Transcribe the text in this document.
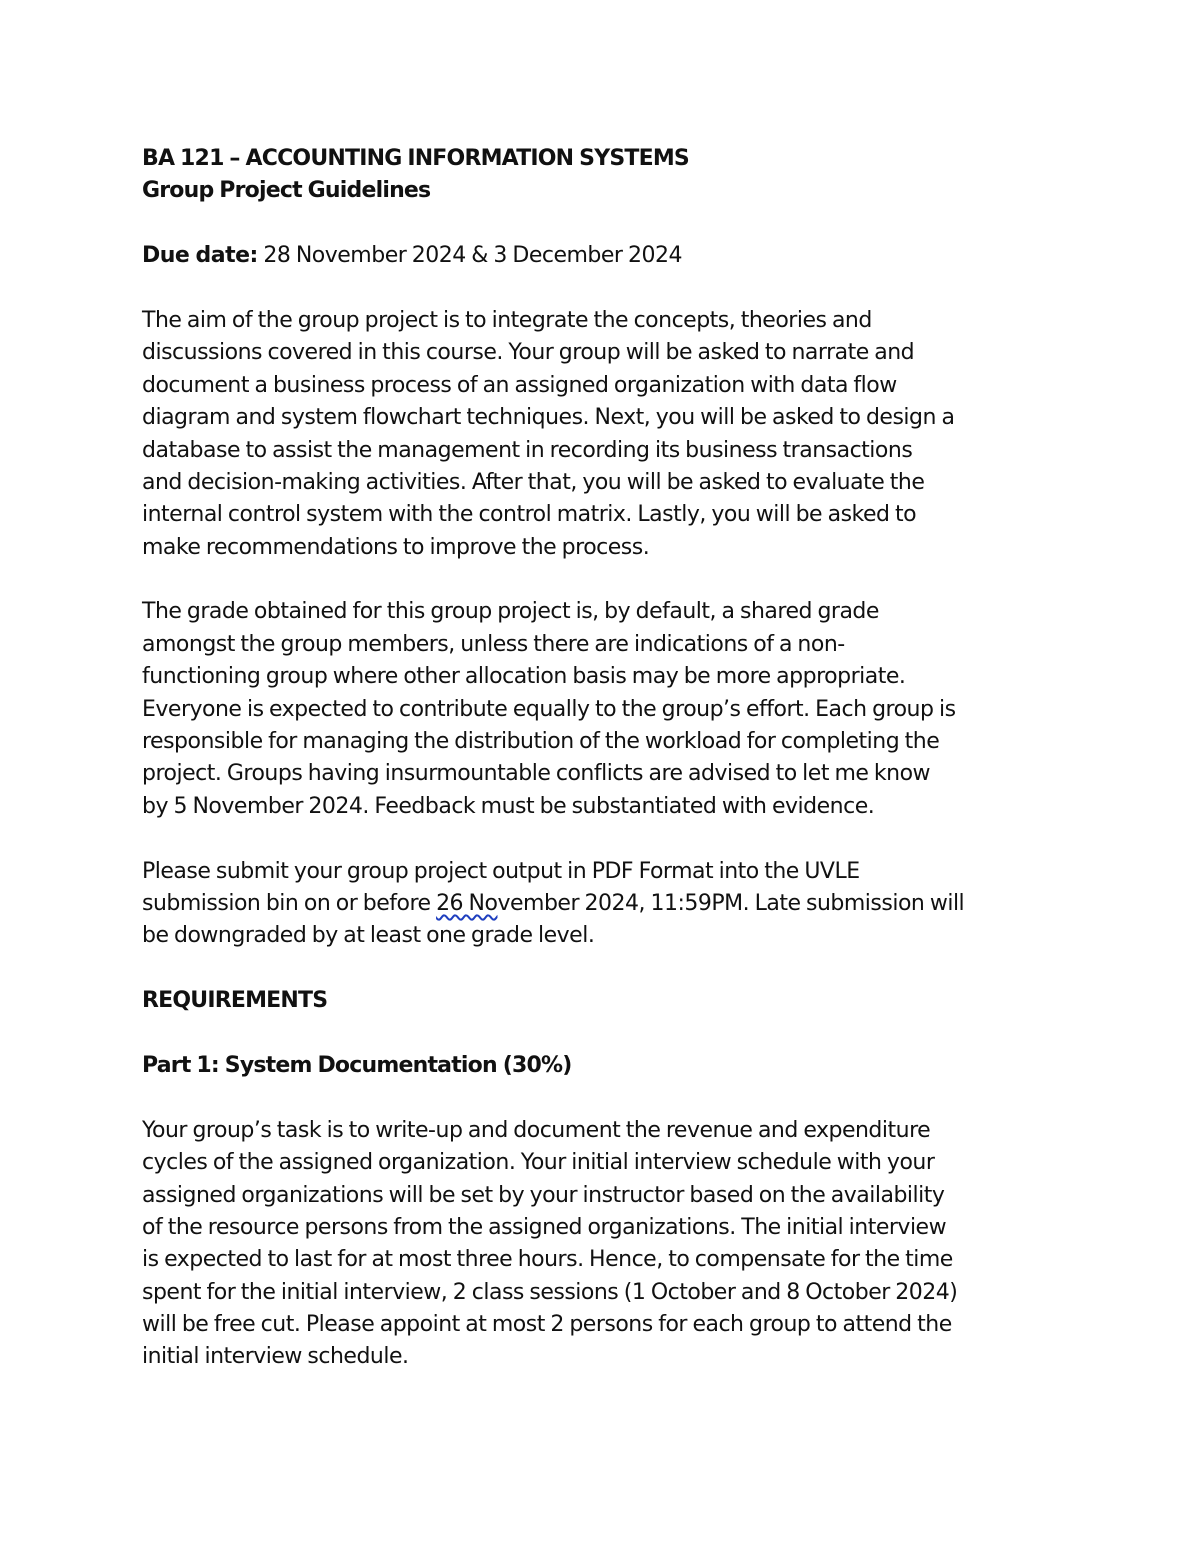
BA 121 – ACCOUNTING INFORMATION SYSTEMS
Group Project Guidelines
Due date: 28 November 2024 & 3 December 2024
The aim of the group project is to integrate the concepts, theories and
discussions covered in this course. Your group will be asked to narrate and
document a business process of an assigned organization with data flow
diagram and system flowchart techniques. Next, you will be asked to design a
database to assist the management in recording its business transactions
and decision-making activities. After that, you will be asked to evaluate the
internal control system with the control matrix. Lastly, you will be asked to
make recommendations to improve the process.
The grade obtained for this group project is, by default, a shared grade
amongst the group members, unless there are indications of a non-
functioning group where other allocation basis may be more appropriate.
Everyone is expected to contribute equally to the group’s effort. Each group is
responsible for managing the distribution of the workload for completing the
project. Groups having insurmountable conflicts are advised to let me know
by 5 November 2024. Feedback must be substantiated with evidence.
Please submit your group project output in PDF Format into the UVLE
submission bin on or before 26 November 2024, 11:59PM. Late submission will
be downgraded by at least one grade level.
REQUIREMENTS
Part 1: System Documentation (30%)
Your group’s task is to write-up and document the revenue and expenditure
cycles of the assigned organization. Your initial interview schedule with your
assigned organizations will be set by your instructor based on the availability
of the resource persons from the assigned organizations. The initial interview
is expected to last for at most three hours. Hence, to compensate for the time
spent for the initial interview, 2 class sessions (1 October and 8 October 2024)
will be free cut. Please appoint at most 2 persons for each group to attend the
initial interview schedule.
